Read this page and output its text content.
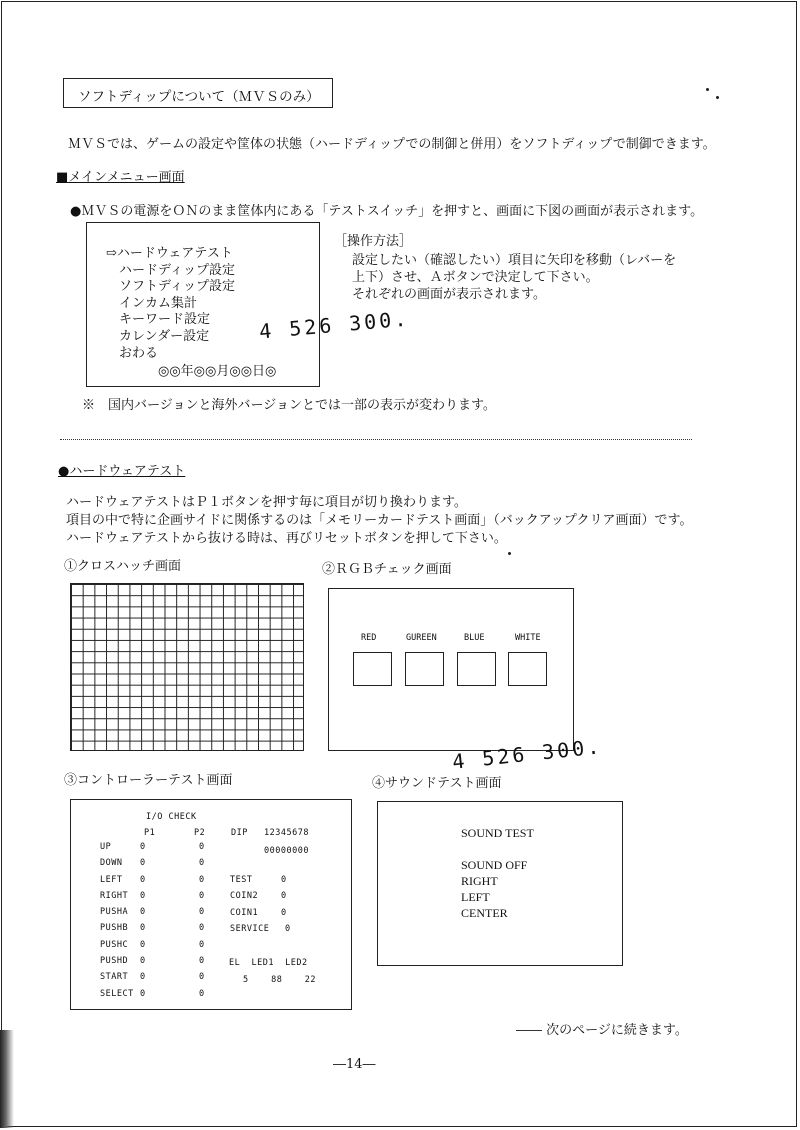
ソフトディップについて（ＭＶＳのみ）
ＭＶＳでは、ゲームの設定や筐体の状態（ハードディップでの制御と併用）をソフトディップで制御できます。
■メインメニュー画面
●ＭＶＳの電源をＯＮのまま筐体内にある「テストスイッチ」を押すと、画面に下図の画面が表示されます。
⇨ハードウェアテスト
ハードディップ設定
ソフトディップ設定
インカム集計
キーワード設定
カレンダー設定
おわる
◎◎年◎◎月◎◎日◎
4 526 300.
［操作方法］
設定したい（確認したい）項目に矢印を移動（レバーを
上下）させ、Ａボタンで決定して下さい。
それぞれの画面が表示されます。
※　国内バージョンと海外バージョンとでは一部の表示が変わります。
●ハードウェアテスト
ハードウェアテストはＰ１ボタンを押す毎に項目が切り換わります。
項目の中で特に企画サイドに関係するのは「メモリーカードテスト画面」（バックアップクリア画面）です。
ハードウェアテストから抜ける時は、再びリセットボタンを押して下さい。
①クロスハッチ画面	②ＲＧＢチェック画面
RED	GUREEN	BLUE	WHITE
4 526 300.
③コントローラーテスト画面
I/O CHECK
P1	P2	DIP 12345678
00000000
UP	0	0
DOWN 0	0
LEFT 0	0
RIGHT 0	0
PUSHA 0	0
PUSHB 0	0
PUSHC 0	0
PUSHD 0	0
START 0	0
SELECT 0	0
TEST	0
COIN2	0
COIN1	0
SERVICE 0
EL  LED1  LED2
5    88    22
④サウンドテスト画面
SOUND TEST
SOUND OFF
RIGHT
LEFT
CENTER
―― 次のページに続きます。
―14―
